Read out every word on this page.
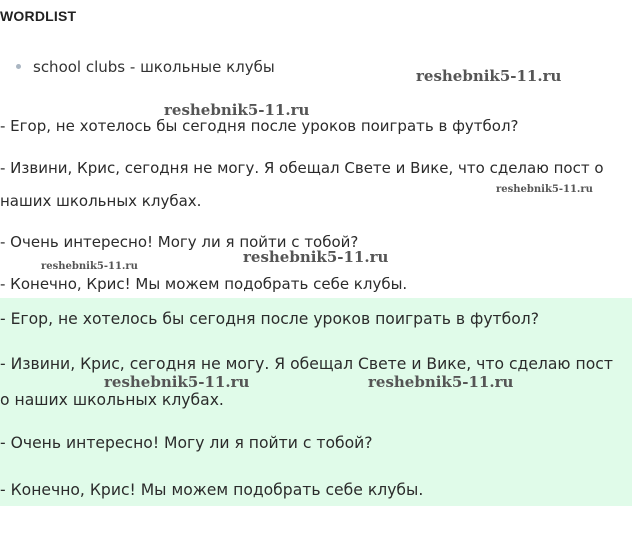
WORDLIST
school clubs - школьные клубы
- Егор, не хотелось бы сегодня после уроков поиграть в футбол?
- Извини, Крис, сегодня не могу. Я обещал Свете и Вике, что сделаю пост о
наших школьных клубах.
- Очень интересно! Могу ли я пойти с тобой?
- Конечно, Крис! Мы можем подобрать себе клубы.
- Егор, не хотелось бы сегодня после уроков поиграть в футбол?
- Извини, Крис, сегодня не могу. Я обещал Свете и Вике, что сделаю пост
о наших школьных клубах.
- Очень интересно! Могу ли я пойти с тобой?
- Конечно, Крис! Мы можем подобрать себе клубы.
reshebnik5-11.ru
reshebnik5-11.ru
reshebnik5-11.ru
reshebnik5-11.ru
reshebnik5-11.ru
reshebnik5-11.ru	reshebnik5-11.ru
